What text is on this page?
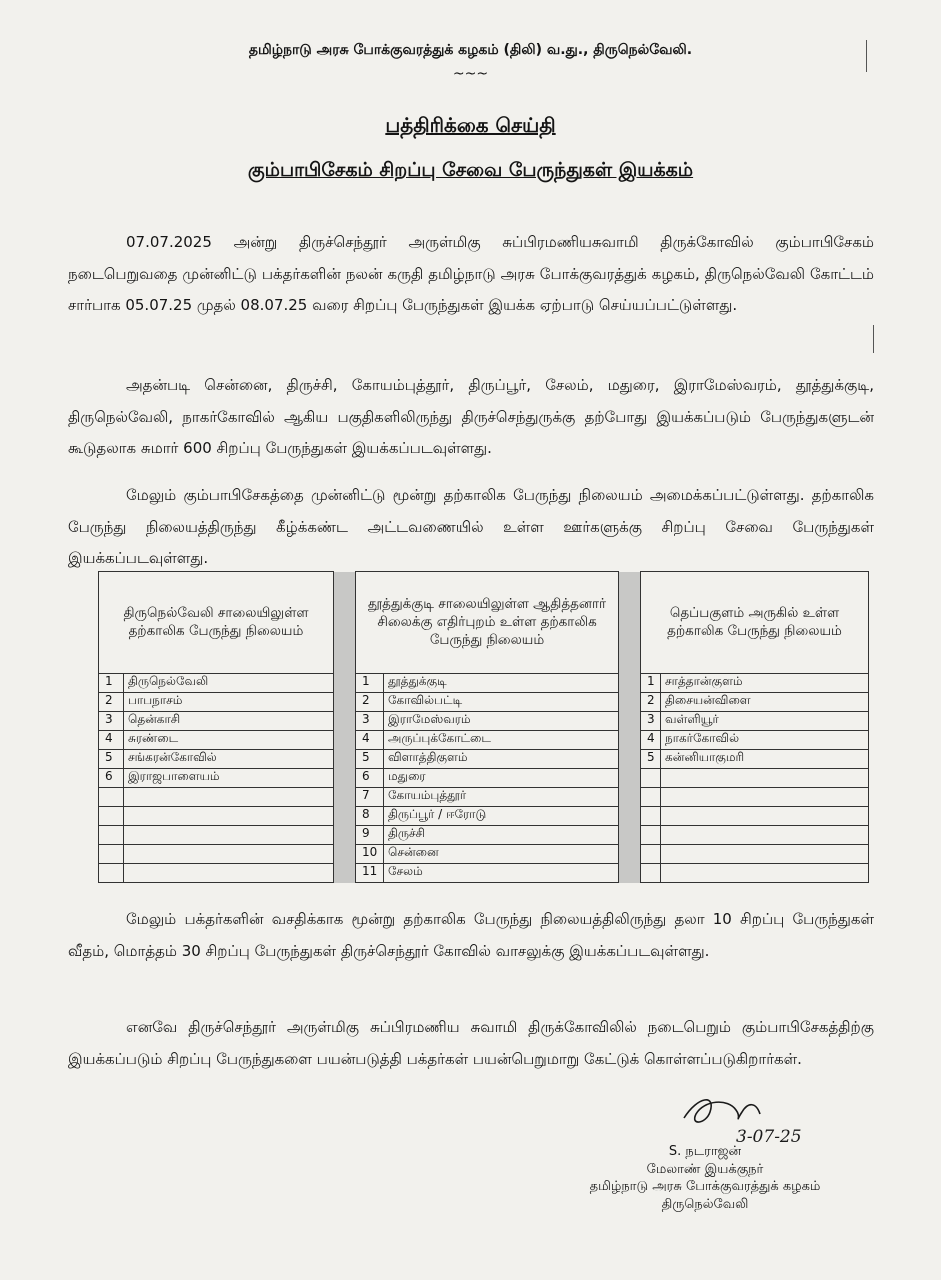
தமிழ்நாடு அரசு போக்குவரத்துக் கழகம் (திலி) வ.து., திருநெல்வேலி.
~~~
பத்திரிக்கை செய்தி
கும்பாபிசேகம் சிறப்பு சேவை பேருந்துகள் இயக்கம்

07.07.2025 அன்று திருச்செந்தூர் அருள்மிகு சுப்பிரமணியசுவாமி திருக்கோவில் கும்பாபிசேகம் நடைபெறுவதை முன்னிட்டு பக்தர்களின் நலன் கருதி தமிழ்நாடு அரசு போக்குவரத்துக் கழகம், திருநெல்வேலி கோட்டம் சார்பாக 05.07.25 முதல் 08.07.25 வரை சிறப்பு பேருந்துகள் இயக்க ஏற்பாடு செய்யப்பட்டுள்ளது.

அதன்படி சென்னை, திருச்சி, கோயம்புத்தூர், திருப்பூர், சேலம், மதுரை, இராமேஸ்வரம், தூத்துக்குடி, திருநெல்வேலி, நாகர்கோவில் ஆகிய பகுதிகளிலிருந்து திருச்செந்துருக்கு தற்போது இயக்கப்படும் பேருந்துகளுடன் கூடுதலாக சுமார் 600 சிறப்பு பேருந்துகள் இயக்கப்படவுள்ளது.

மேலும் கும்பாபிசேகத்தை முன்னிட்டு மூன்று தற்காலிக பேருந்து நிலையம் அமைக்கப்பட்டுள்ளது. தற்காலிக பேருந்து நிலையத்திருந்து கீழ்க்கண்ட அட்டவணையில் உள்ள ஊர்களுக்கு சிறப்பு சேவை பேருந்துகள் இயக்கப்படவுள்ளது.

திருநெல்வேலி சாலையிலுள்ள தற்காலிக பேருந்து நிலையம்			தூத்துக்குடி சாலையிலுள்ள ஆதித்தனார் சிலைக்கு எதிர்புறம் உள்ள தற்காலிக பேருந்து நிலையம்			தெப்பகுளம் அருகில் உள்ள தற்காலிக பேருந்து நிலையம்	
1	திருநெல்வேலி		1	தூத்துக்குடி		1	சாத்தான்குளம்
2	பாபநாசம்		2	கோவில்பட்டி		2	திசையன்விளை
3	தென்காசி		3	இராமேஸ்வரம்		3	வள்ளியூர்
4	சுரண்டை		4	அருப்புக்கோட்டை		4	நாகர்கோவில்
5	சங்கரன்கோவில்		5	விளாத்திகுளம்		5	கன்னியாகுமரி
6	இராஜபாளையம்		6	மதுரை			
			7	கோயம்புத்தூர்			
			8	திருப்பூர் / ஈரோடு			
			9	திருச்சி			
			10	சென்னை			
			11	சேலம்			

மேலும் பக்தர்களின் வசதிக்காக மூன்று தற்காலிக பேருந்து நிலையத்திலிருந்து தலா 10 சிறப்பு பேருந்துகள் வீதம், மொத்தம் 30 சிறப்பு பேருந்துகள் திருச்செந்தூர் கோவில் வாசலுக்கு இயக்கப்படவுள்ளது.

எனவே திருச்செந்தூர் அருள்மிகு சுப்பிரமணிய சுவாமி திருக்கோவிலில் நடைபெறும் கும்பாபிசேகத்திற்கு இயக்கப்படும் சிறப்பு பேருந்துகளை பயன்படுத்தி பக்தர்கள் பயன்பெறுமாறு கேட்டுக் கொள்ளப்படுகிறார்கள்.

3-07-25
S. நடராஜன்
மேலாண் இயக்குநர்
தமிழ்நாடு அரசு போக்குவரத்துக் கழகம்
திருநெல்வேலி
